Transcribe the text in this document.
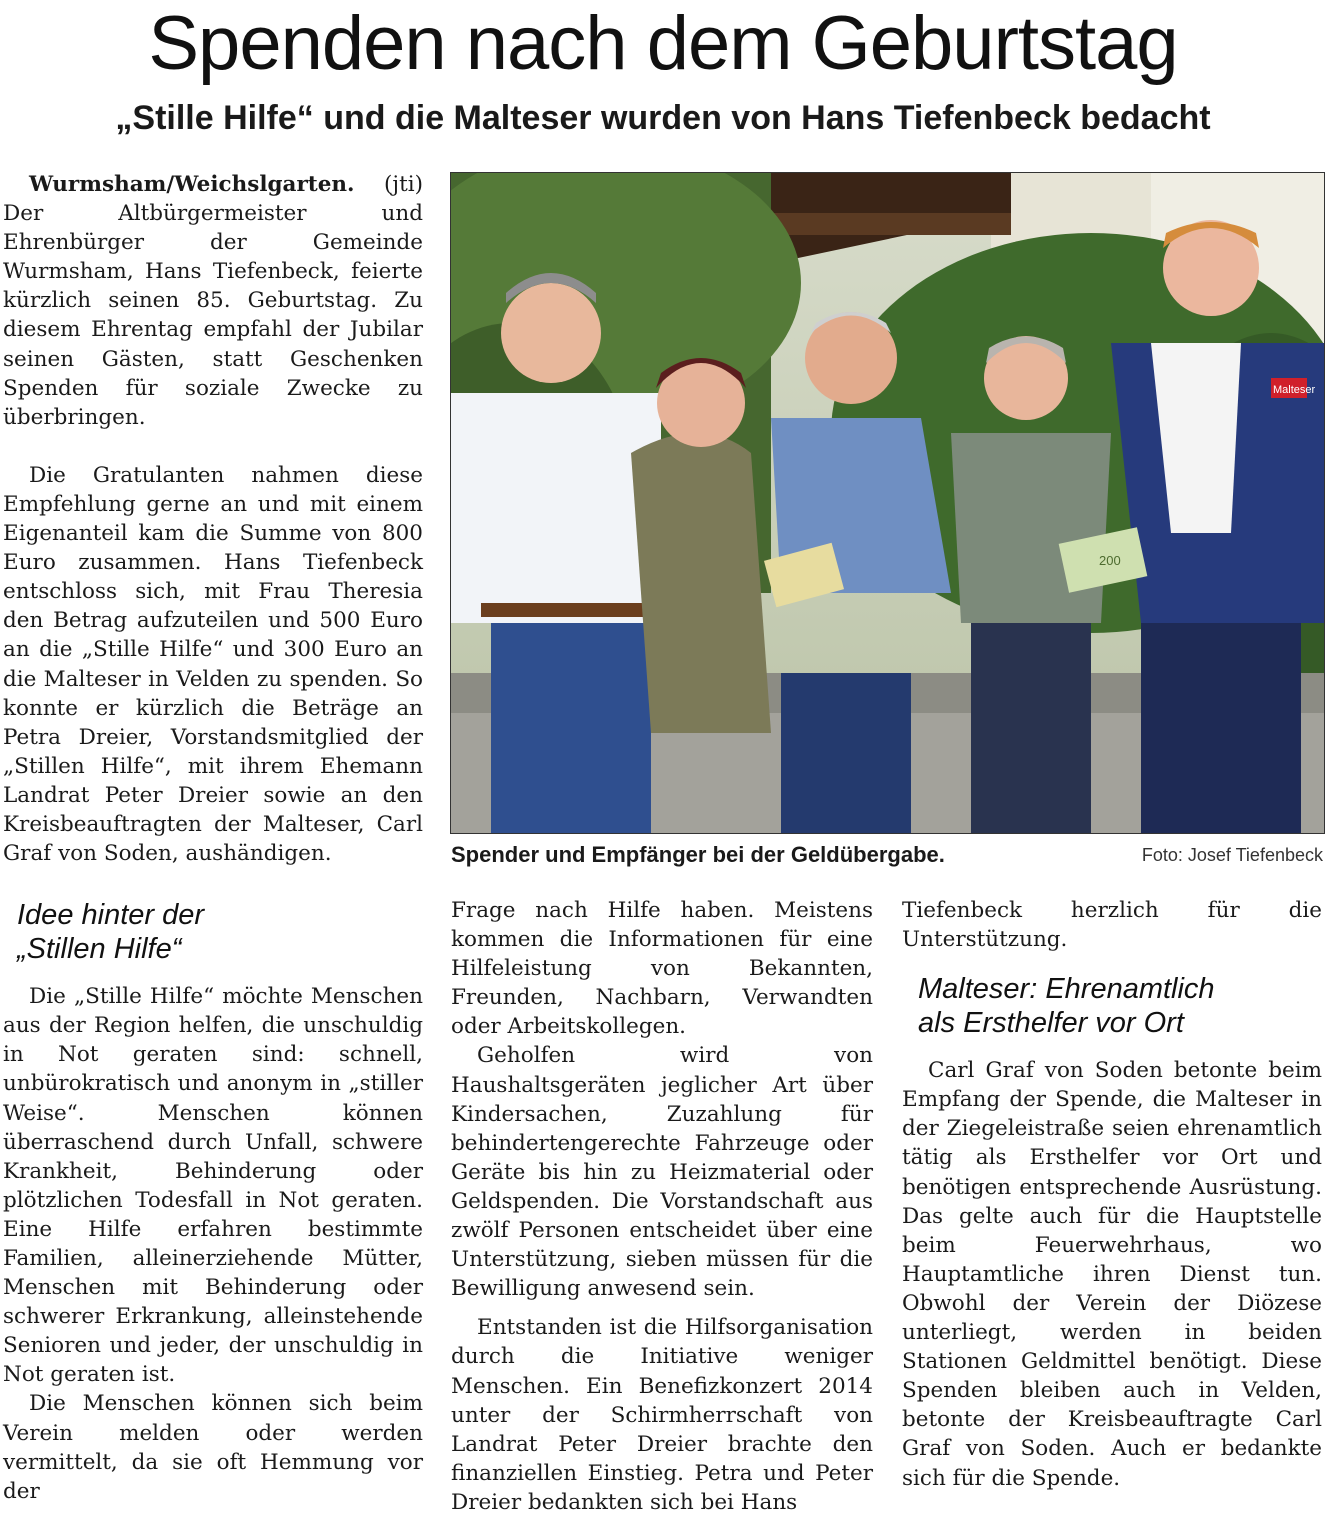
Spenden nach dem Geburtstag
„Stille Hilfe“ und die Malteser wurden von Hans Tiefenbeck bedacht

Wurmsham/Weichslgarten. (jti)

Der Altbürgermeister und Ehrenbürger der Gemeinde Wurmsham, Hans Tiefenbeck, feierte kürzlich seinen 85. Geburtstag. Zu diesem Ehrentag empfahl der Jubilar seinen Gästen, statt Geschenken Spenden für soziale Zwecke zu überbringen.

Die Gratulanten nahmen diese Empfehlung gerne an und mit einem Eigenanteil kam die Summe von 800 Euro zusammen. Hans Tiefenbeck entschloss sich, mit Frau Theresia den Betrag aufzuteilen und 500 Euro an die „Stille Hilfe“ und 300 Euro an die Malteser in Velden zu spenden. So konnte er kürzlich die Beträge an Petra Dreier, Vorstandsmitglied der „Stillen Hilfe“, mit ihrem Ehemann Landrat Peter Dreier sowie an den Kreisbeauftragten der Malteser, Carl Graf von Soden, aushändigen.

Idee hinter der
„Stillen Hilfe“

Die „Stille Hilfe“ möchte Menschen aus der Region helfen, die unschuldig in Not geraten sind: schnell, unbürokratisch und anonym in „stiller Weise“. Menschen können überraschend durch Unfall, schwere Krankheit, Behinderung oder plötzlichen Todesfall in Not geraten. Eine Hilfe erfahren bestimmte Familien, alleinerziehende Mütter, Menschen mit Behinderung oder schwerer Erkrankung, alleinstehende Senioren und jeder, der unschuldig in Not geraten ist.

Die Menschen können sich beim Verein melden oder werden vermittelt, da sie oft Hemmung vor der

Malteser
200
Spender und Empfänger bei der Geldübergabe.	Foto: Josef Tiefenbeck

Frage nach Hilfe haben. Meistens kommen die Informationen für eine Hilfeleistung von Bekannten, Freunden, Nachbarn, Verwandten oder Arbeitskollegen.

Geholfen wird von Haushaltsgeräten jeglicher Art über Kindersachen, Zuzahlung für behindertengerechte Fahrzeuge oder Geräte bis hin zu Heizmaterial oder Geldspenden. Die Vorstandschaft aus zwölf Personen entscheidet über eine Unterstützung, sieben müssen für die Bewilligung anwesend sein.

Entstanden ist die Hilfsorganisation durch die Initiative weniger Menschen. Ein Benefizkonzert 2014 unter der Schirmherrschaft von Landrat Peter Dreier brachte den finanziellen Einstieg. Petra und Peter Dreier bedankten sich bei Hans

Tiefenbeck herzlich für die Unterstützung.

Malteser: Ehrenamtlich
als Ersthelfer vor Ort

Carl Graf von Soden betonte beim Empfang der Spende, die Malteser in der Ziegeleistraße seien ehrenamtlich tätig als Ersthelfer vor Ort und benötigen entsprechende Ausrüstung. Das gelte auch für die Hauptstelle beim Feuerwehrhaus, wo Hauptamtliche ihren Dienst tun. Obwohl der Verein der Diözese unterliegt, werden in beiden Stationen Geldmittel benötigt. Diese Spenden bleiben auch in Velden, betonte der Kreisbeauftragte Carl Graf von Soden. Auch er bedankte sich für die Spende.
